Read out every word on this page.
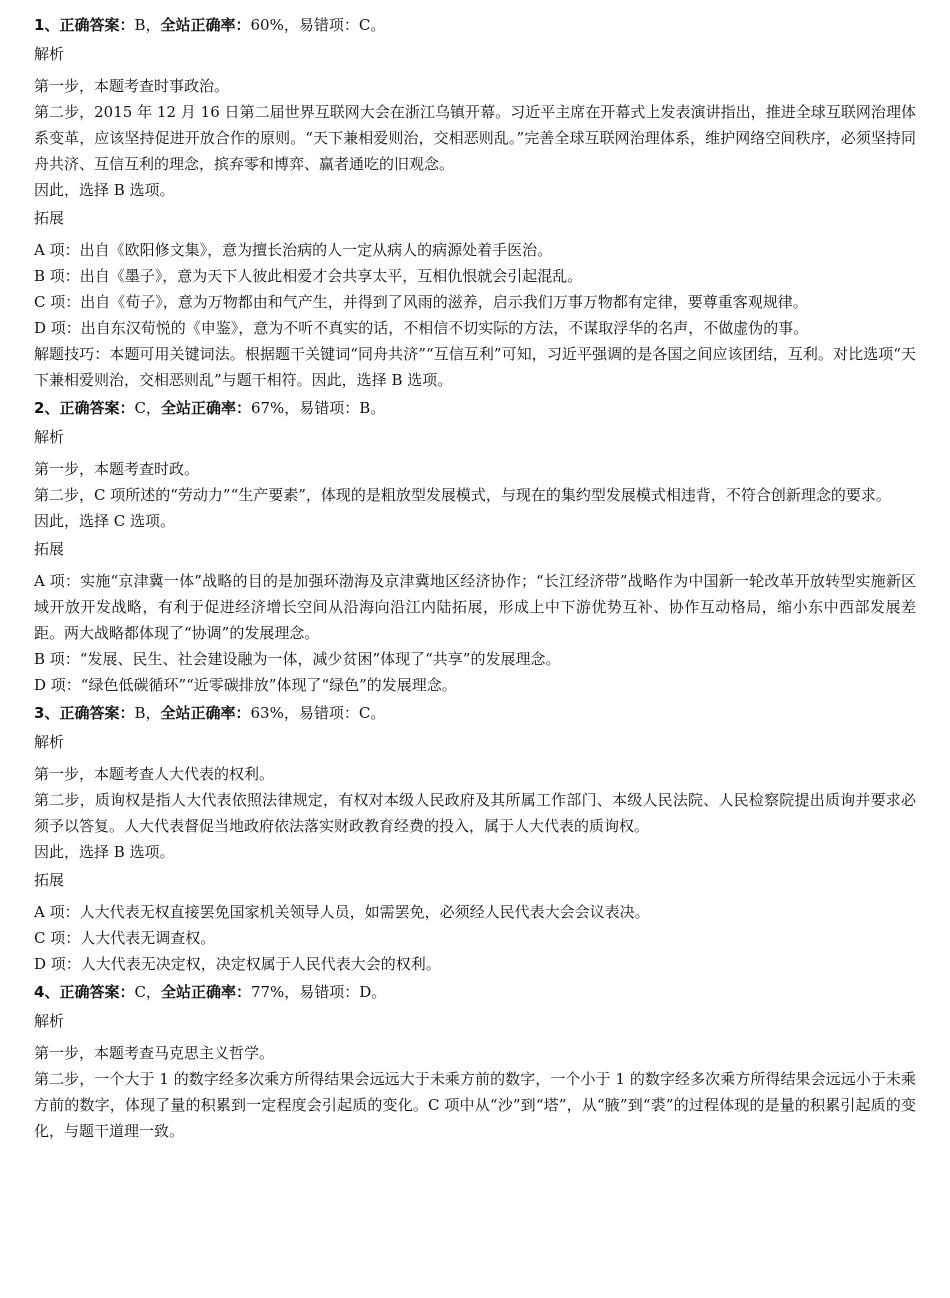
1、正确答案：B，全站正确率：60%，易错项：C。
解析

第一步，本题考查时事政治。

第二步，2015 年 12 月 16 日第二届世界互联网大会在浙江乌镇开幕。习近平主席在开幕式上发表演讲指出，推进全球互联网治理体系变革，应该坚持促进开放合作的原则。“天下兼相爱则治，交相恶则乱。”完善全球互联网治理体系，维护网络空间秩序，必须坚持同舟共济、互信互利的理念，摈弃零和博弈、赢者通吃的旧观念。

因此，选择 B 选项。

拓展

A 项：出自《欧阳修文集》，意为擅长治病的人一定从病人的病源处着手医治。

B 项：出自《墨子》，意为天下人彼此相爱才会共享太平，互相仇恨就会引起混乱。

C 项：出自《荀子》，意为万物都由和气产生，并得到了风雨的滋养，启示我们万事万物都有定律，要尊重客观规律。

D 项：出自东汉荀悦的《申鉴》，意为不听不真实的话，不相信不切实际的方法，不谋取浮华的名声，不做虚伪的事。

解题技巧：本题可用关键词法。根据题干关键词“同舟共济”“互信互利”可知，习近平强调的是各国之间应该团结，互利。对比选项“天下兼相爱则治，交相恶则乱”与题干相符。因此，选择 B 选项。

2、正确答案：C，全站正确率：67%，易错项：B。
解析

第一步，本题考查时政。

第二步，C 项所述的“劳动力”“生产要素”，体现的是粗放型发展模式，与现在的集约型发展模式相违背，不符合创新理念的要求。

因此，选择 C 选项。

拓展

A 项：实施“京津冀一体”战略的目的是加强环渤海及京津冀地区经济协作；“长江经济带”战略作为中国新一轮改革开放转型实施新区域开放开发战略，有利于促进经济增长空间从沿海向沿江内陆拓展，形成上中下游优势互补、协作互动格局，缩小东中西部发展差距。两大战略都体现了“协调”的发展理念。

B 项：“发展、民生、社会建设融为一体，减少贫困”体现了“共享”的发展理念。

D 项：“绿色低碳循环”“近零碳排放”体现了“绿色”的发展理念。

3、正确答案：B，全站正确率：63%，易错项：C。
解析

第一步，本题考查人大代表的权利。

第二步，质询权是指人大代表依照法律规定，有权对本级人民政府及其所属工作部门、本级人民法院、人民检察院提出质询并要求必须予以答复。人大代表督促当地政府依法落实财政教育经费的投入，属于人大代表的质询权。

因此，选择 B 选项。

拓展

A 项：人大代表无权直接罢免国家机关领导人员，如需罢免，必须经人民代表大会会议表决。

C 项：人大代表无调查权。

D 项：人大代表无决定权，决定权属于人民代表大会的权利。

4、正确答案：C，全站正确率：77%，易错项：D。
解析

第一步，本题考查马克思主义哲学。

第二步，一个大于 1 的数字经多次乘方所得结果会远远大于未乘方前的数字，一个小于 1 的数字经多次乘方所得结果会远远小于未乘方前的数字，体现了量的积累到一定程度会引起质的变化。C 项中从“沙”到“塔”，从“腋”到“裘”的过程体现的是量的积累引起质的变化，与题干道理一致。
